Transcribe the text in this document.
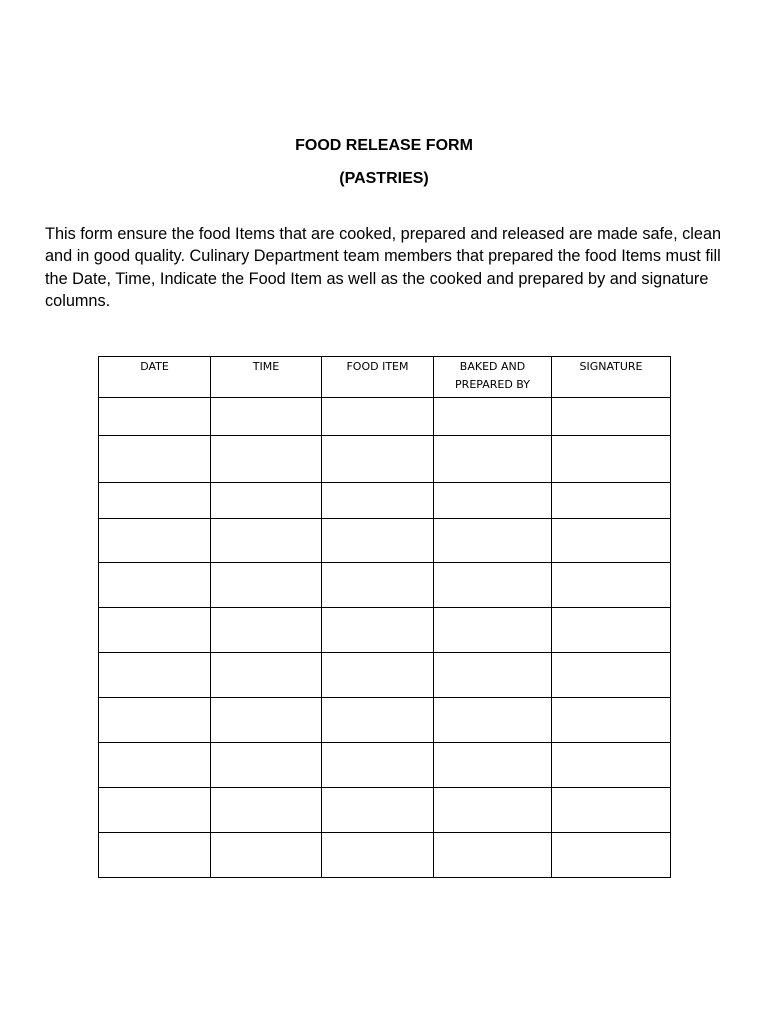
FOOD RELEASE FORM
(PASTRIES)

This form ensure the food Items that are cooked, prepared and released are made safe, clean and in good quality. Culinary Department team members that prepared the food Items must fill the Date, Time, Indicate the Food Item as well as the cooked and prepared by and signature columns.

DATE	TIME	FOOD ITEM	BAKED AND PREPARED BY	SIGNATURE
